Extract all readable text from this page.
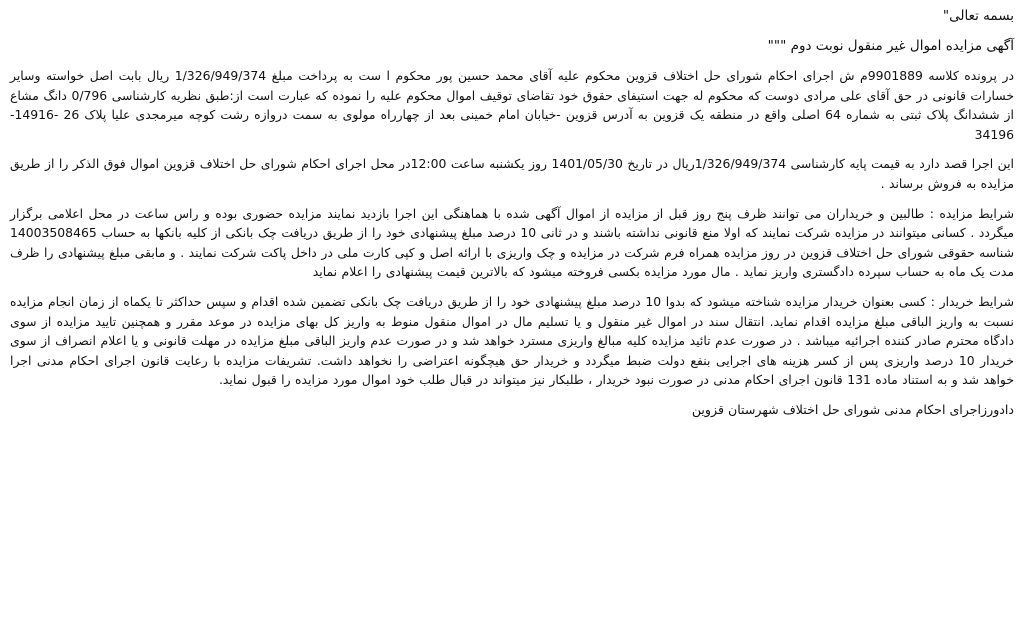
بسمه تعالی"

آگهی مزایده اموال غیر منقول نوبت دوم """

در پرونده کلاسه 9901889م ش اجرای احکام شورای حل اختلاف قزوین محکوم علیه آقای محمد حسین پور محکوم ا ست به پرداخت مبلغ 1/326/949/374 ریال بابت اصل خواسته وسایر خسارات قانونی در حق آقای علی مرادی دوست که محکوم له جهت استیفای حقوق خود تقاضای توقیف اموال محکوم علیه را نموده که عبارت است از:طبق نظریه کارشناسی 0/796 دانگ مشاع از ششدانگ پلاک ثبتی به شماره 64 اصلی واقع در منطقه یک قزوین به آدرس قزوین -خیابان امام خمینی بعد از چهارراه مولوی به سمت دروازه رشت کوچه میرمجدی علیا پلاک 26 -14916-34196

این اجرا قصد دارد به قیمت پایه کارشناسی 1/326/949/374ریال در تاریخ 1401/05/30 روز یکشنبه ساعت 12:00در محل اجرای احکام شورای حل اختلاف قزوین اموال فوق الذکر را از طریق مزایده به فروش برساند .

شرایط مزایده : طالبین و خریداران می توانند ظرف پنج روز قبل از مزایده از اموال آگهی شده با هماهنگی این اجرا بازدید نمایند مزایده حضوری بوده و راس ساعت در محل اعلامی برگزار میگردد . کسانی میتوانند در مزایده شرکت نمایند که اولا منع قانونی نداشته باشند و در ثانی 10 درصد مبلغ پیشنهادی خود را از طریق دریافت چک بانکی از کلیه بانکها به حساب 14003508465 شناسه حقوقی شورای حل اختلاف قزوین در روز مزایده همراه فرم شرکت در مزایده و چک واریزی با ارائه اصل و کپی کارت ملی در داخل پاکت شرکت نمایند . و مابقی مبلغ پیشنهادی را ظرف مدت یک ماه به حساب سپرده دادگستری واریز نماید . مال مورد مزایده بکسی فروخته میشود که بالاترین قیمت پیشنهادی را اعلام نماید

شرایط خریدار : کسی بعنوان خریدار مزایده شناخته میشود که بدوا 10 درصد مبلغ پیشنهادی خود را از طریق دریافت چک بانکی تضمین شده اقدام و سپس حداکثر تا یکماه از زمان انجام مزایده نسبت به واریز الباقی مبلغ مزایده اقدام نماید. انتقال سند در اموال غیر منقول و یا تسلیم مال در اموال منقول منوط به واریز کل بهای مزایده در موعد مقرر و همچنین تایید مزایده از سوی دادگاه محترم صادر کننده اجرائیه میباشد . در صورت عدم تائید مزایده کلیه مبالغ واریزی مسترد خواهد شد و در صورت عدم واریز الباقی مبلغ مزایده در مهلت قانونی و یا اعلام انصراف از سوی خریدار 10 درصد واریزی پس از کسر هزینه های اجرایی بنفع دولت ضبط میگردد و خریدار حق هیچگونه اعتراضی را نخواهد داشت. تشریفات مزایده با رعایت قانون اجرای احکام مدنی اجرا خواهد شد و به استناد ماده 131 قانون اجرای احکام مدنی در صورت نبود خریدار ، طلبکار نیز میتواند در قبال طلب خود اموال مورد مزایده را قبول نماید.

دادورزاجرای احکام مدنی شورای حل اختلاف شهرستان قزوین
